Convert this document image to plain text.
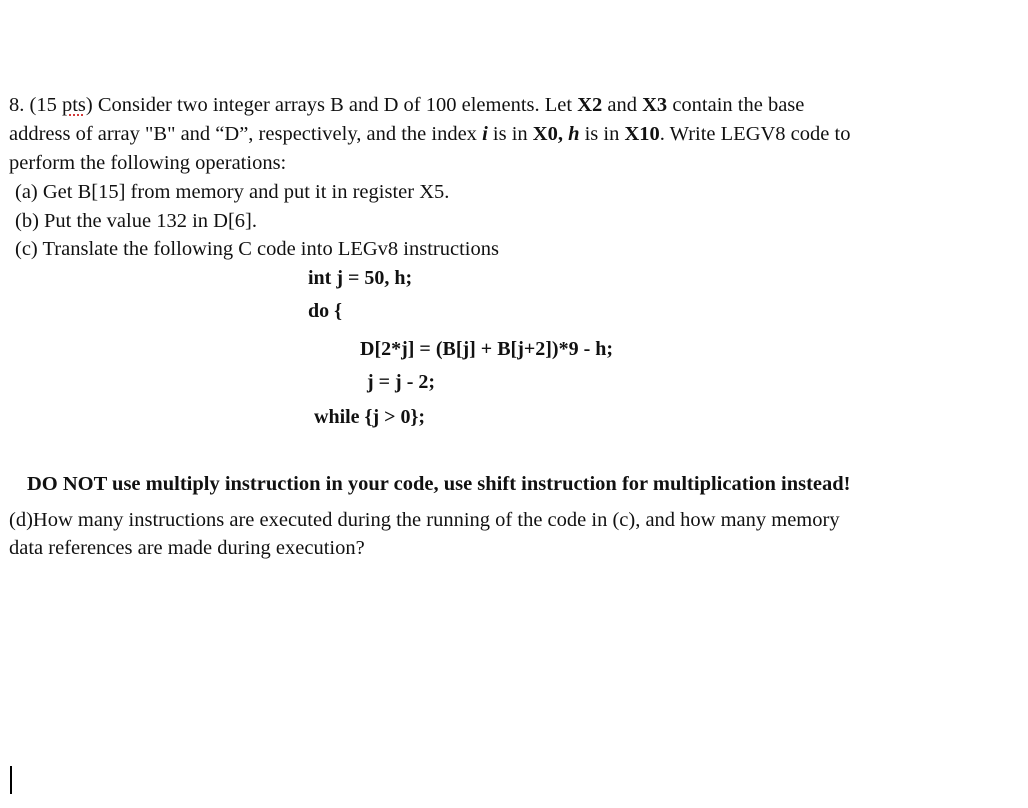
8. (15 pts) Consider two integer arrays B and D of 100 elements. Let X2 and X3 contain the base
address of array "B" and “D”, respectively, and the index i is in X0, h is in X10. Write LEGV8 code to
perform the following operations:
(a) Get B[15] from memory and put it in register X5.
(b) Put the value 132 in D[6].
(c) Translate the following C code into LEGv8 instructions
int j = 50, h;
do {
D[2*j] = (B[j] + B[j+2])*9 - h;
j = j - 2;
while {j > 0};
DO NOT use multiply instruction in your code, use shift instruction for multiplication instead!
(d)How many instructions are executed during the running of the code in (c), and how many memory
data references are made during execution?
